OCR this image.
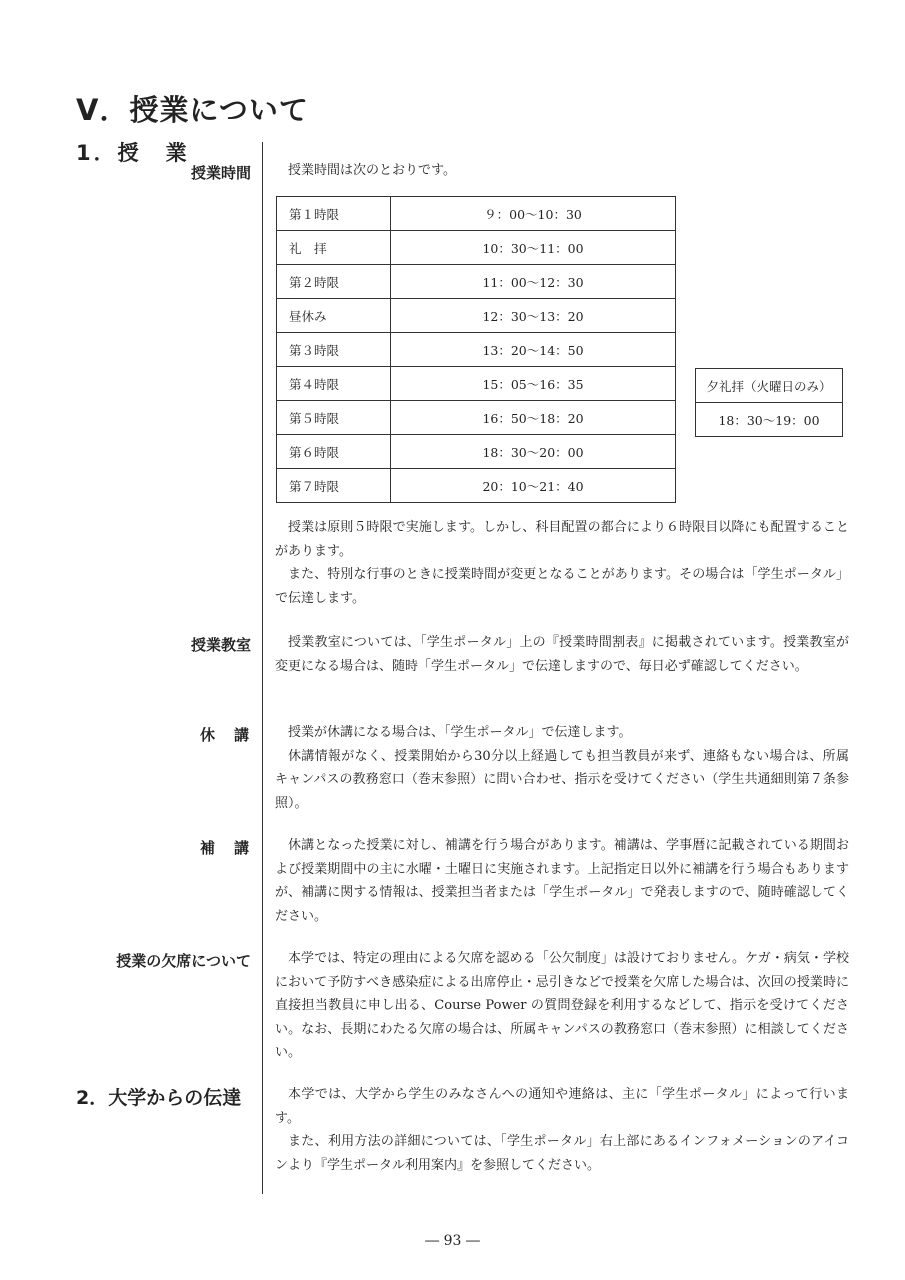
V．授業について
1．授　業
授業時間	授業時間は次のとおりです。

第１時限	９：00〜10：30
礼　拝	10：30〜11：00
第２時限	11：00〜12：30
昼休み	12：30〜13：20
第３時限	13：20〜14：50
第４時限	15：05〜16：35
第５時限	16：50〜18：20
第６時限	18：30〜20：00
第７時限	20：10〜21：40
夕礼拝（火曜日のみ）
18：30〜19：00

授業は原則５時限で実施します。しかし、科目配置の都合により６時限目以降にも配置することがあります。

また、特別な行事のときに授業時間が変更となることがあります。その場合は「学生ポータル」で伝達します。

授業教室	授業教室については、「学生ポータル」上の『授業時間割表』に掲載されています。授業教室が変更になる場合は、随時「学生ポータル」で伝達しますので、毎日必ず確認してください。

休　講	授業が休講になる場合は、「学生ポータル」で伝達します。

休講情報がなく、授業開始から30分以上経過しても担当教員が来ず、連絡もない場合は、所属キャンパスの教務窓口（巻末参照）に問い合わせ、指示を受けてください（学生共通細則第７条参照）。

補　講	休講となった授業に対し、補講を行う場合があります。補講は、学事暦に記載されている期間および授業期間中の主に水曜・土曜日に実施されます。上記指定日以外に補講を行う場合もありますが、補講に関する情報は、授業担当者または「学生ポータル」で発表しますので、随時確認してください。

授業の欠席について	本学では、特定の理由による欠席を認める「公欠制度」は設けておりません。ケガ・病気・学校において予防すべき感染症による出席停止・忌引きなどで授業を欠席した場合は、次回の授業時に直接担当教員に申し出る、Course Power の質問登録を利用するなどして、指示を受けてください。なお、長期にわたる欠席の場合は、所属キャンパスの教務窓口（巻末参照）に相談してください。

2．大学からの伝達	本学では、大学から学生のみなさんへの通知や連絡は、主に「学生ポータル」によって行います。

また、利用方法の詳細については、「学生ポータル」右上部にあるインフォメーションのアイコンより『学生ポータル利用案内』を参照してください。

― 93 ―
